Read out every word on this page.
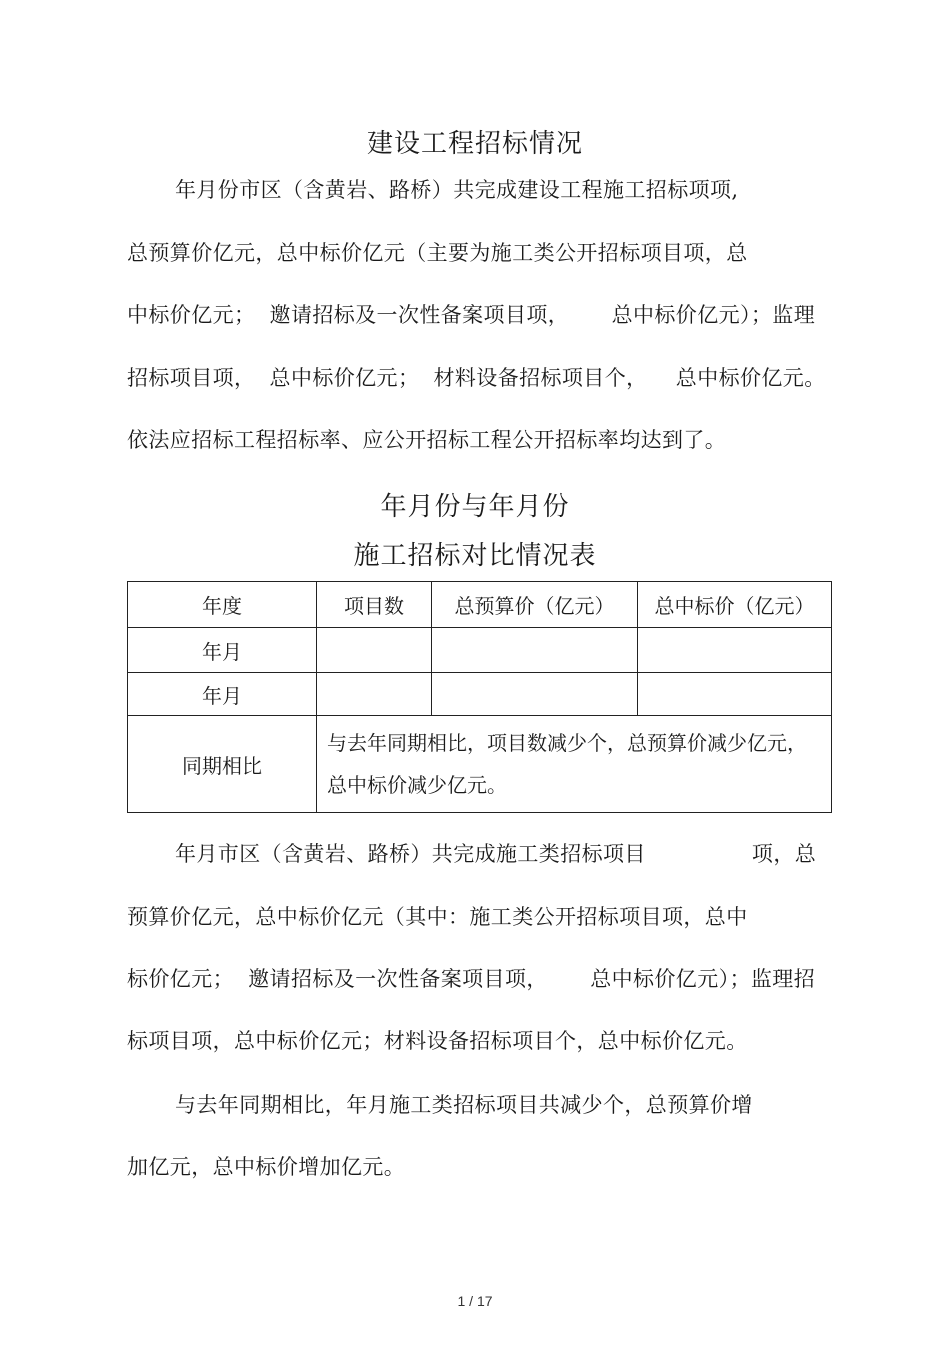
建设工程招标情况
年月份市区（含黄岩、路桥）共完成建设工程施工招标项项,
总预算价亿元，总中标价亿元（主要为施工类公开招标项目项，总
中标价亿元；  邀请招标及一次性备案项目项，      总中标价亿元）；监理
招标项目项，  总中标价亿元；  材料设备招标项目个，    总中标价亿元。
依法应招标工程招标率、应公开招标工程公开招标率均达到了。
年月份与年月份
施工招标对比情况表
年度	项目数	总预算价（亿元）	总中标价（亿元）
年月			
年月			
同期相比	与去年同期相比，项目数减少个，总预算价减少亿元，总中标价减少亿元。		
年月市区（含黄岩、路桥）共完成施工类招标项目               项，总
预算价亿元，总中标价亿元（其中：施工类公开招标项目项，总中
标价亿元；  邀请招标及一次性备案项目项，      总中标价亿元）；监理招
标项目项，总中标价亿元；材料设备招标项目个，总中标价亿元。
与去年同期相比，年月施工类招标项目共减少个，总预算价增
加亿元，总中标价增加亿元。
1 / 17
